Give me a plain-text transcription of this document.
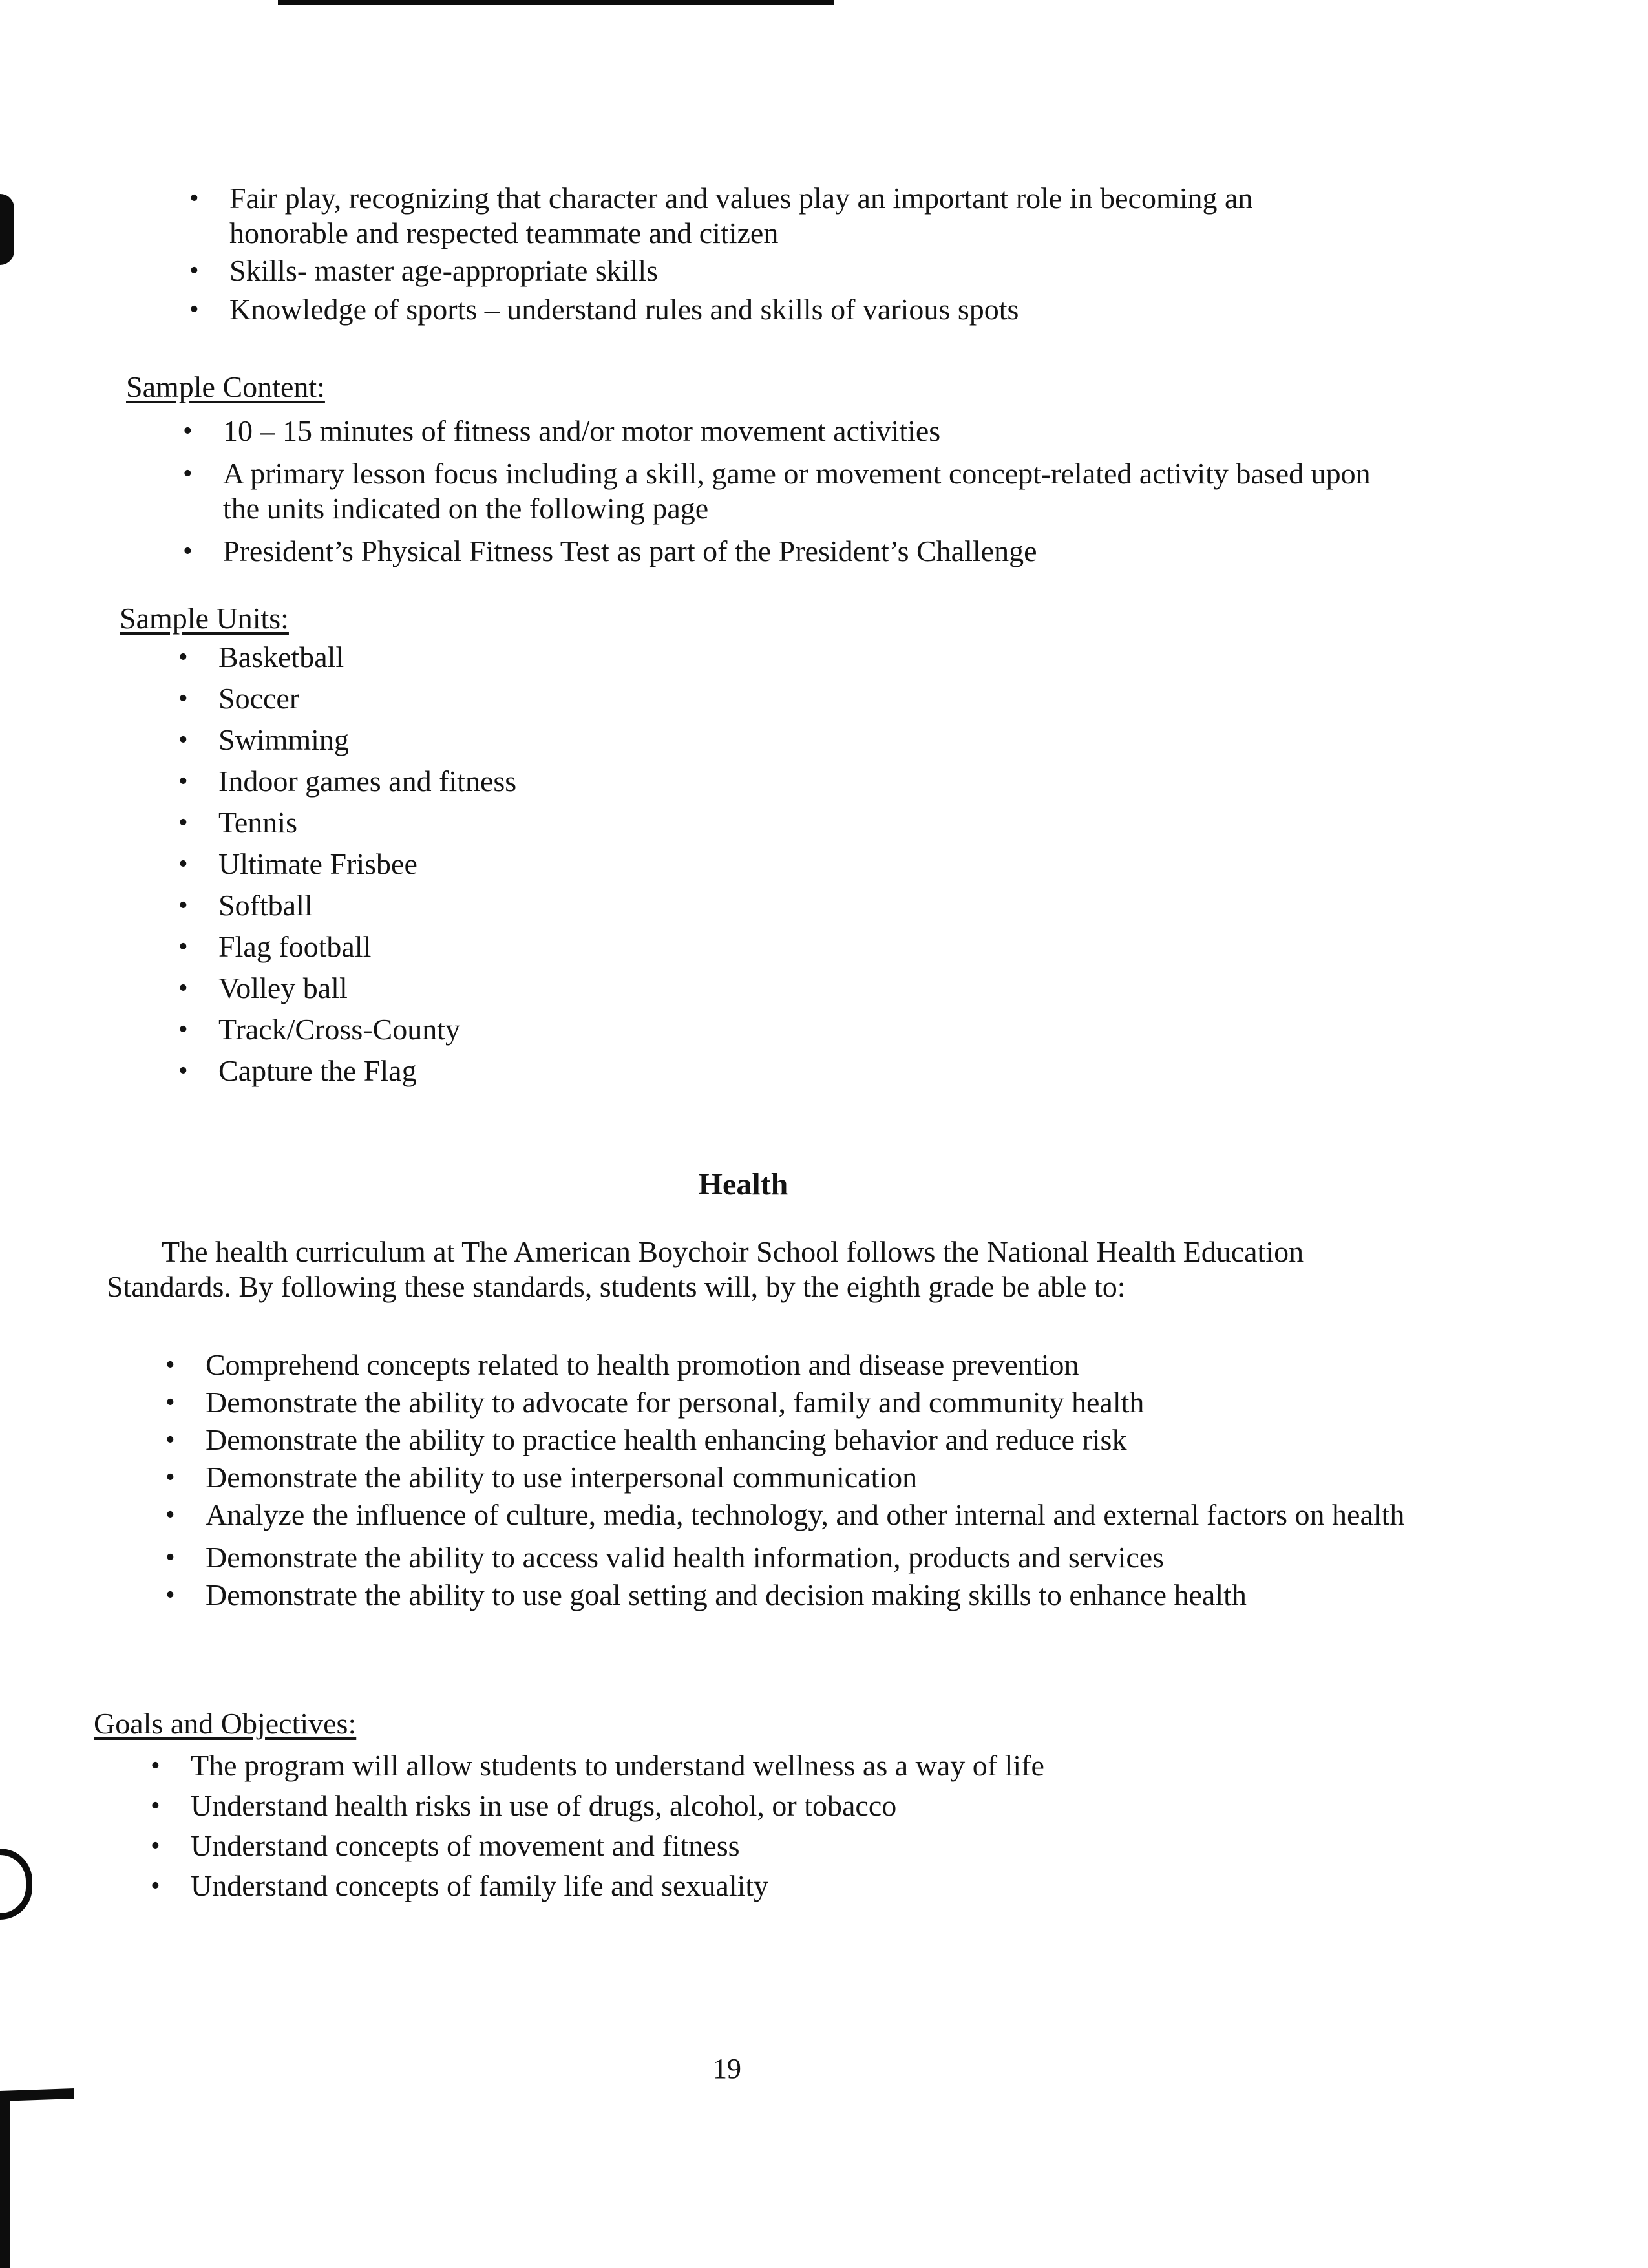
• Fair play, recognizing that character and values play an important role in becoming an honorable and respected teammate and citizen
• Skills- master age-appropriate skills
• Knowledge of sports – understand rules and skills of various spots
Sample Content:
• 10 – 15 minutes of fitness and/or motor movement activities
• A primary lesson focus including a skill, game or movement concept-related activity based upon the units indicated on the following page
• President’s Physical Fitness Test as part of the President’s Challenge
Sample Units:
• Basketball
• Soccer
• Swimming
• Indoor games and fitness
• Tennis
• Ultimate Frisbee
• Softball
• Flag football
• Volley ball
• Track/Cross-County
• Capture the Flag
Health
The health curriculum at The American Boychoir School follows the National Health Education Standards. By following these standards, students will, by the eighth grade be able to:
• Comprehend concepts related to health promotion and disease prevention
• Demonstrate the ability to advocate for personal, family and community health
• Demonstrate the ability to practice health enhancing behavior and reduce risk
• Demonstrate the ability to use interpersonal communication
• Analyze the influence of culture, media, technology, and other internal and external factors on health
• Demonstrate the ability to access valid health information, products and services
• Demonstrate the ability to use goal setting and decision making skills to enhance health
Goals and Objectives:
• The program will allow students to understand wellness as a way of life
• Understand health risks in use of drugs, alcohol, or tobacco
• Understand concepts of movement and fitness
• Understand concepts of family life and sexuality
19
